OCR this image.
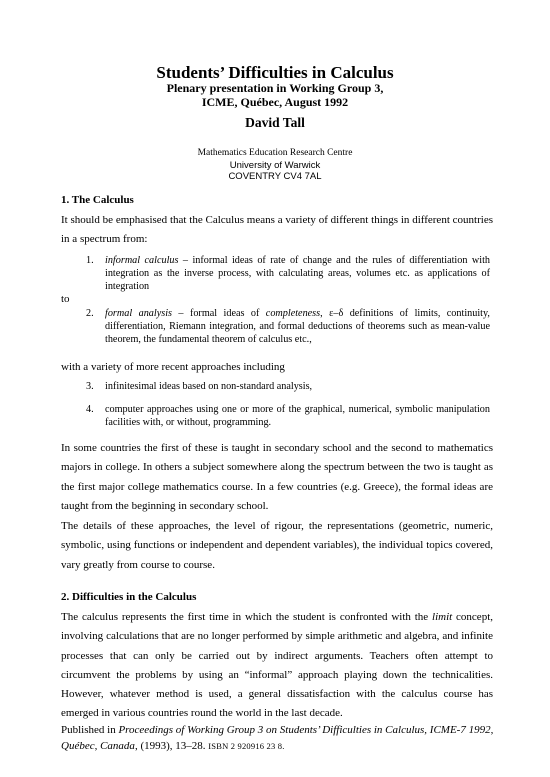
Students’ Difficulties in Calculus
Plenary presentation in Working Group 3,
ICME, Québec, August 1992
David Tall
Mathematics Education Research Centre
University of Warwick
COVENTRY CV4 7AL
1. The Calculus
It should be emphasised that the Calculus means a variety of different things in different countries in a spectrum from:
1. informal calculus – informal ideas of rate of change and the rules of differentiation with integration as the inverse process, with calculating areas, volumes etc. as applications of integration
to
2. formal analysis – formal ideas of completeness, ε–δ definitions of limits, continuity, differentiation, Riemann integration, and formal deductions of theorems such as mean-value theorem, the fundamental theorem of calculus etc.,
with a variety of more recent approaches including
3. infinitesimal ideas based on non-standard analysis,
4. computer approaches using one or more of the graphical, numerical, symbolic manipulation facilities with, or without, programming.
In some countries the first of these is taught in secondary school and the second to mathematics majors in college. In others a subject somewhere along the spectrum between the two is taught as the first major college mathematics course. In a few countries (e.g. Greece), the formal ideas are taught from the beginning in secondary school.
The details of these approaches, the level of rigour, the representations (geometric, numeric, symbolic, using functions or independent and dependent variables), the individual topics covered, vary greatly from course to course.
2. Difficulties in the Calculus
The calculus represents the first time in which the student is confronted with the limit concept, involving calculations that are no longer performed by simple arithmetic and algebra, and infinite processes that can only be carried out by indirect arguments. Teachers often attempt to circumvent the problems by using an “informal” approach playing down the technicalities. However, whatever method is used, a general dissatisfaction with the calculus course has emerged in various countries round the world in the last decade.
Published in Proceedings of Working Group 3 on Students’ Difficulties in Calculus, ICME-7 1992, Québec, Canada, (1993), 13–28. ISBN 2 920916 23 8.
